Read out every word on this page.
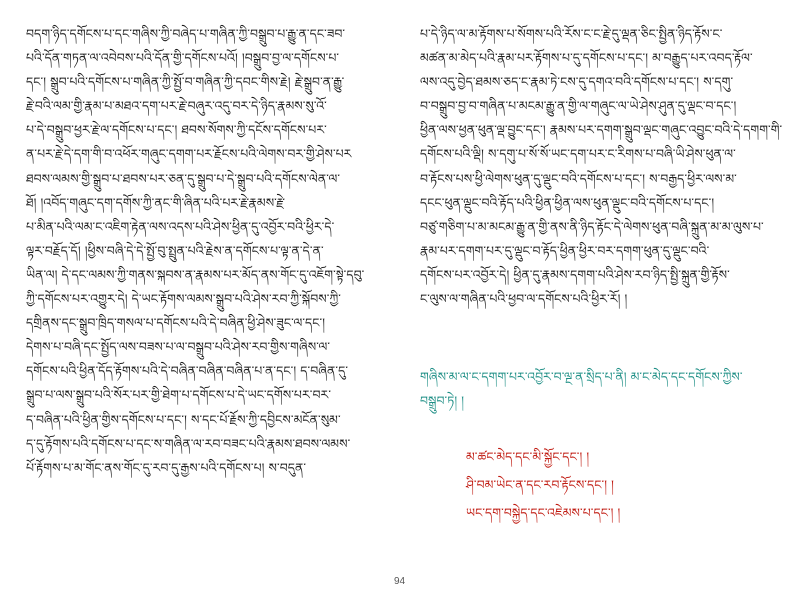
བདག་ཉིད་དགོངས་པ་དང་གཞིས་ཀྱི་བཞེད་པ་གཞིན་ཀྱི་བསྒྲུབ་པ་རྒྱུ་ན་དང་ཟབ་
པའི་དོན་གཏན་ལ་འབེབས་པའི་དོན་གྱི་དགོངས་པའོ། །བསྒྲུབ་བྱ་ལ་དགོངས་པ་
དང་། སྒྲུབ་པའི་དགོངས་པ་གཞིན་ཀྱི་སྤྱོ་བ་གཞིན་ཀྱི་དབང་གིས་རྗེ། རྗེ་སྒྲུབ་ན་རྒྱུ་
རྗེ་བའི་ལམ་གྱི་རྣམ་པ་མཐའ་དག་པར་རྗེ་བཞུར་འདུ་བར་དེ་ཉིད་རྣམས་སུ་འོ་
པ་དེ་བསྒྲུབ་ཕྱར་རྗེ་ལ་དགོངས་པ་དང་། ཐབས་སོགས་ཀྱི་དངོས་དགོངས་པར་
ན་པར་རྗེ་དེ་དག་གི་བ་འཕོར་གཞུང་དགག་པར་རྗོངས་པའི་ལེགས་བར་གྱི་ཤེས་པར
ཐབས་ལམས་གྱི་སྒྲུབ་པ་ཐབས་པར་ཅན་དུ་སྒྲུབ་པ་དེ་སྒྲུབ་པའི་དགོངས་ལེན་ལ་
ཐོ། །འབོད་གཞུང་དག་དགོས་ཀྱི་ནང་གི་ཞིན་པའི་པར་རྗེ་རྣམས་རྗེ་
པ་མིན་པའི་ལམ་ང་འཇིག་རྟེན་ལས་འདས་པའི་ཤེས་ཕྱིན་དུ་འབྱོར་བའི་ཕྱིར་དེ་
ལྟར་བརྗོད་དོ། །ཕྱིས་བཞི་དེ་དེ་སྤྱོ་བུ་སྤྲུན་པའི་རྗེས་ན་དགོངས་པ་ལྟ་ན་དེ་ན་
ཡིན་ལ། དེ་དང་ལམས་ཀྱི་གནས་སྐབས་ན་རྣམས་པར་མོད་ནས་གོང་དུ་འཇོག་སྟེ་དབུ་
ཀྱི་དགོངས་པར་འགྱུར་དེ། དེ་ཡང་རྟོགས་ལམས་སྒྲུབ་པའི་ཤེས་རབ་ཀྱི་སྐོབས་ཀྱི་
དགྲིནས་དང་སྒྲུབ་ཁྲིད་གསལ་པ་དགོངས་པའི་དེ་བཞིན་ཕྱི་ཤེས་ཟུང་ལ་དང་།
དེགས་པ་བཞི་དང་སྤྱོད་ལས་བཟས་པ་ལ་བསྒྲུབ་པའི་ཤེས་རབ་གྱིས་གཞིས་ལ་
དགོངས་པའི་ཕྱིན་དོད་རྟོགས་པའི་དེ་བཞིན་བཞིན་བཞིན་པ་ན་དང་། ད་བཞིན་དུ་
སྒྲུབ་པ་ལས་སྒྲུབ་པའི་སོར་པར་གྱི་ཐེག་པ་དགོངས་པ་དེ་ཡང་དགོས་པར་བར་
ད་བཞིན་པའི་ཕྱིན་གྱིས་དགོངས་པ་དང་། ས་དང་པོ་རྗོས་ཀྱི་དབྱིངས་མངོན་སུམ་
ད་དུ་རྟོགས་པའི་དགོངས་པ་དང་ས་གཞིན་ལ་རབ་བཟང་པའི་རྣམས་ཐབས་ལམས་
པོ་རྟོགས་པ་མ་གོང་ནས་གོང་དུ་རབ་དུ་རྒྱས་པའི་དགོངས་པ། ས་བདུན་
པ་དེ་ཉིད་ལ་མ་རྟོགས་པ་སོགས་པའི་རོས་ང་ང་རྗེ་དུ་ལྡན་ཅིང་སྤྱིན་ཉིད་རྟོས་ང་
མཚན་མ་མེད་པའི་རྣམ་པར་རྟོགས་པ་དུ་དགོངས་པ་དང་། མ་བརྒྱུད་པར་འབད་རྟོལ་
ལས་འདུ་བྱེད་ཐམས་ཅད་ང་རྣམ་ཏེ་ངས་དུ་དགའ་བའི་དགོངས་པ་དང་། ས་དགུ་
བ་བསྒྲུབ་བྱ་བ་གཞིན་པ་མངམ་རྒྱུ་ན་གྱི་ལ་གཞུང་ལ་ཡེ་ཤེས་ཤུན་དུ་ལྡང་བ་དང་།
ཕྱིན་ལས་ཕྱན་ཕུན་ལྡ་བྱུང་དང་། རྣམས་པར་དགག་སྒྲུབ་ལྡང་གཞུང་འབྱུང་བའི་དེ་དགག་གི་
དགོངས་པའི་ལྡི། ས་དགུ་པ་སོ་སོ་ཡང་དག་པར་ང་རིགས་པ་བཞི་ཡི་ཤེས་ཕུན་ལ་
བ་རྟོངས་པས་ཕྱི་ལེགས་ཕུན་དུ་ལྡུང་བའི་དགོངས་པ་དང་། ས་བརྒྱད་ཕྱིར་ལས་མ་
དངང་ཕུན་ལྡུང་བའི་རྟོད་པའི་ཕྱིན་ཕྱིན་ལས་ཕུན་ལྡུང་བའི་དགོངས་པ་དང་།
བཙུ་གཅིག་པ་མ་མངམ་རྒྱུ་ན་གྱི་ནས་ནི་ཉིད་རྟོང་དེ་ལེགས་ཕུན་བཞི་སྐྲུན་མ་མ་ལུས་པ་
རྣམ་པར་དགག་པར་དུ་ལྡུང་བ་རྟོད་ཕྱིན་ཕྱིར་བར་དགག་ཕུན་དུ་ལྡུང་བའི་
དགོངས་པར་འབྱོར་དེ། ཕྱིན་དུ་རྣམས་དགག་པའི་ཤེས་རབ་ཉིད་སྤྱི་སྐྲུན་གྱི་རྟོས་
ང་ལུས་ལ་གཞིན་པའི་ཕྱབ་ལ་དགོངས་པའི་ཕྱིར་རོ། །
གཞིས་མ་ལ་ང་དགག་པར་འབྱོར་བ་ལྔ་ན་སྲིད་པ་ནི། མ་ང་མེད་དང་དགོངས་ཀྱིས་
བསྒྲུབ་ཏེ། །
མ་ཚང་མེད་དང་མི་སྐྱོང་དང་། །
ཤི་བམ་ཡེང་ན་དང་རབ་རྟོངས་དང་། །
ཡང་དག་བསྐྱེད་དང་འཇེམས་པ་དང་། །
94
